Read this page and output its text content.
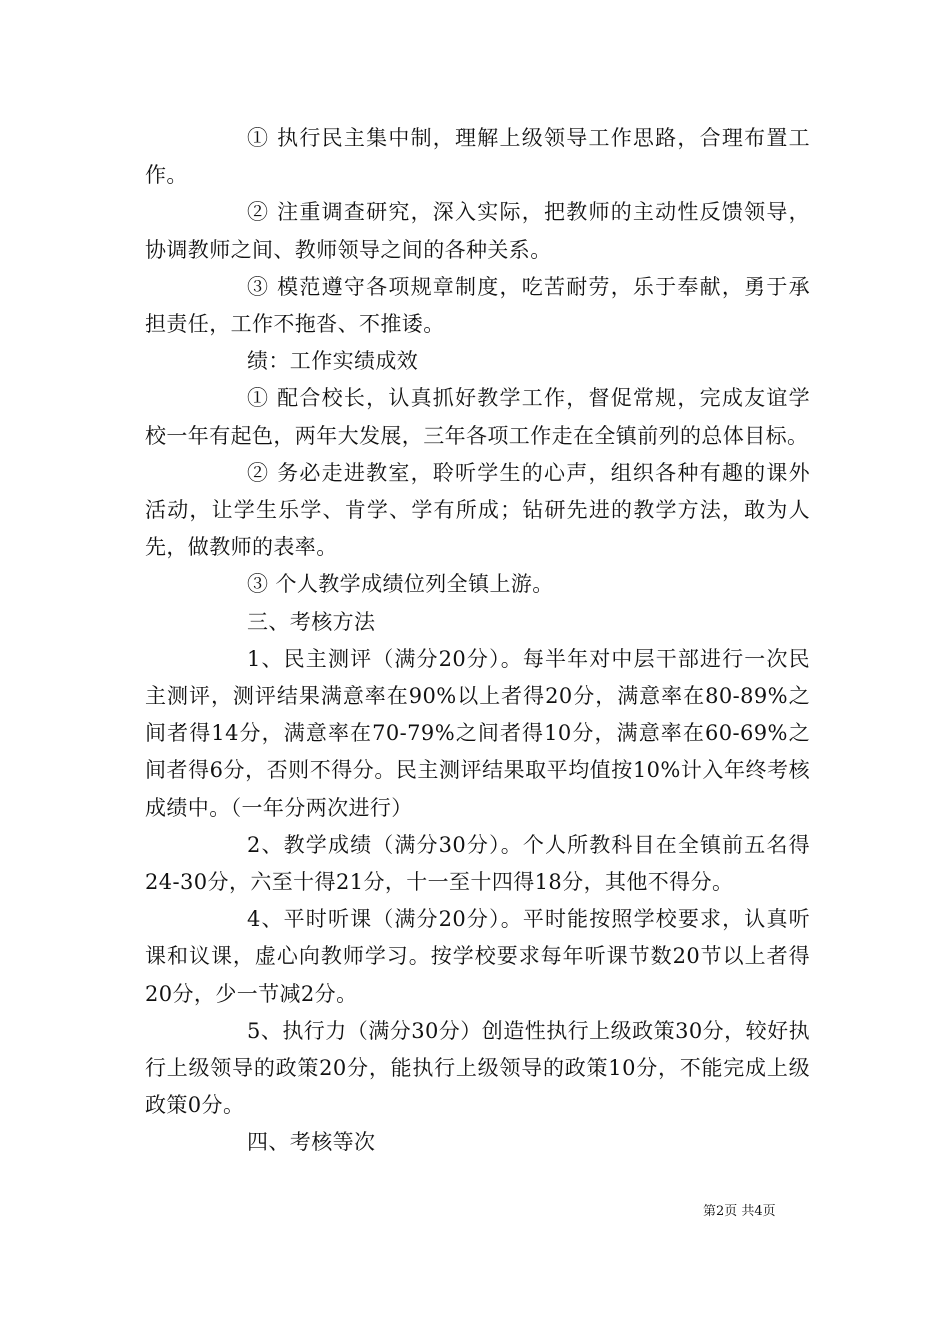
① 执行民主集中制，理解上级领导工作思路，合理布置工作。

② 注重调查研究，深入实际，把教师的主动性反馈领导，协调教师之间、教师领导之间的各种关系。

③ 模范遵守各项规章制度，吃苦耐劳，乐于奉献，勇于承担责任，工作不拖沓、不推诿。

绩：工作实绩成效

① 配合校长，认真抓好教学工作，督促常规，完成友谊学校一年有起色，两年大发展，三年各项工作走在全镇前列的总体目标。

② 务必走进教室，聆听学生的心声，组织各种有趣的课外活动，让学生乐学、肯学、学有所成；钻研先进的教学方法，敢为人先，做教师的表率。

③ 个人教学成绩位列全镇上游。

三、考核方法

1、民主测评（满分20分）。每半年对中层干部进行一次民主测评，测评结果满意率在90%以上者得20分，满意率在80-89%之间者得14分，满意率在70-79%之间者得10分，满意率在60-69%之间者得6分，否则不得分。民主测评结果取平均值按10%计入年终考核成绩中。（一年分两次进行）

2、教学成绩（满分30分）。个人所教科目在全镇前五名得24-30分，六至十得21分，十一至十四得18分，其他不得分。

4、平时听课（满分20分）。平时能按照学校要求，认真听课和议课，虚心向教师学习。按学校要求每年听课节数20节以上者得20分，少一节减2分。

5、执行力（满分30分）创造性执行上级政策30分，较好执行上级领导的政策20分，能执行上级领导的政策10分，不能完成上级政策0分。

四、考核等次

第2页 共4页
